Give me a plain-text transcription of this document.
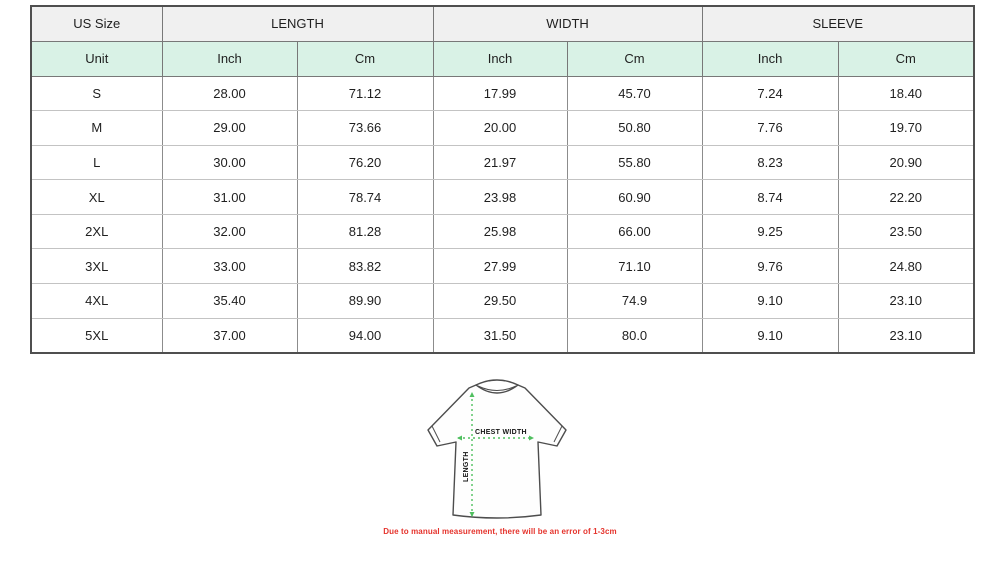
US Size	LENGTH		WIDTH		SLEEVE	
Unit	Inch	Cm	Inch	Cm	Inch	Cm
S	28.00	71.12	17.99	45.70	7.24	18.40
M	29.00	73.66	20.00	50.80	7.76	19.70
L	30.00	76.20	21.97	55.80	8.23	20.90
XL	31.00	78.74	23.98	60.90	8.74	22.20
2XL	32.00	81.28	25.98	66.00	9.25	23.50
3XL	33.00	83.82	27.99	71.10	9.76	24.80
4XL	35.40	89.90	29.50	74.9	9.10	23.10
5XL	37.00	94.00	31.50	80.0	9.10	23.10
CHEST WIDTH
LENGTH
Due to manual measurement, there will be an error of 1-3cm
